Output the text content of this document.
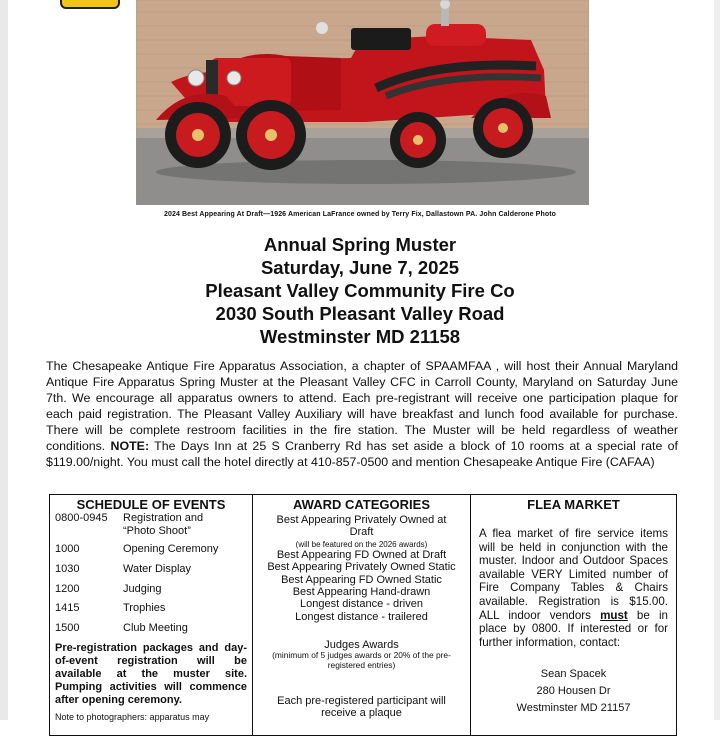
2024 Best Appearing At Draft—1926 American LaFrance owned by Terry Fix, Dallastown PA. John Calderone Photo
Annual Spring Muster
Saturday, June 7, 2025
Pleasant Valley Community Fire Co
2030 South Pleasant Valley Road
Westminster MD 21158
The Chesapeake Antique Fire Apparatus Association, a chapter of SPAAMFAA , will host their Annual Maryland Antique Fire Apparatus Spring Muster at the Pleasant Valley CFC in Carroll County, Maryland on Saturday June 7th. We encourage all apparatus owners to attend. Each pre-registrant will receive one participation plaque for each paid registration. The Pleasant Valley Auxiliary will have breakfast and lunch food available for purchase. There will be complete restroom facilities in the fire station. The Muster will be held regardless of weather conditions. NOTE: The Days Inn at 25 S Cranberry Rd has set aside a block of 10 rooms at a special rate of $119.00/night. You must call the hotel directly at 410-857-0500 and mention Chesapeake Antique Fire (CAFAA)
SCHEDULE OF EVENTS	AWARD CATEGORIES
Best Appearing Privately Owned at Draft
(will be featured on the 2026 awards)
Best Appearing FD Owned at Draft
Best Appearing Privately Owned Static
Best Appearing FD Owned Static
Best Appearing Hand-drawn
Longest distance - driven
Longest distance - trailered
Judges Awards
(minimum of 5 judges awards or 20% of the pre-registered entries)
Each pre-registered participant will receive a plaque
FLEA MARKET
A flea market of fire service items will be held in conjunction with the muster. Indoor and Outdoor Spaces available VERY Limited number of Fire Company Tables & Chairs available. Registration is $15.00. ALL indoor vendors must be in place by 0800. If interested or for further information, contact:
Sean Spacek
280 Housen Dr
Westminster MD 21157
0800-0945	Registration and
“Photo Shoot”
1000	Opening Ceremony
1030	Water Display
1200	Judging
1415	Trophies
1500	Club Meeting
Pre-registration packages and day-of-event registration will be available at the muster site. Pumping activities will commence after opening ceremony.
Note to photographers: apparatus may
